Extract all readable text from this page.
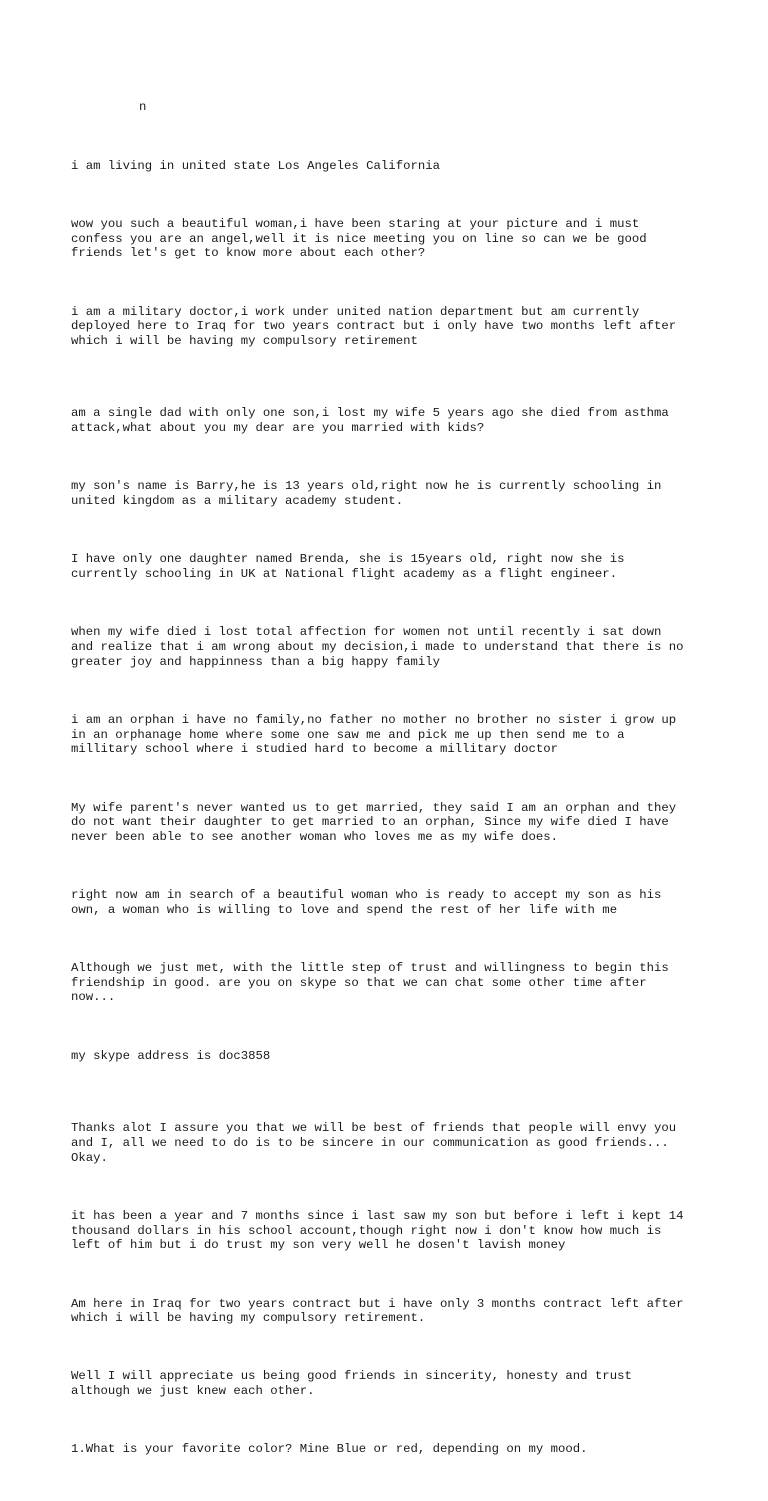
n

i am living in united state Los Angeles California

wow you such a beautiful woman,i have been staring at your picture and i must
confess you are an angel,well it is nice meeting you on line so can we be good
friends let's get to know more about each other?

i am a military doctor,i work under united nation department but am currently
deployed here to Iraq for two years contract but i only have two months left after
which i will be having my compulsory retirement

am a single dad with only one son,i lost my wife 5 years ago she died from asthma
attack,what about you my dear are you married with kids?

my son's name is Barry,he is 13 years old,right now he is currently schooling in
united kingdom as a military academy student.

I have only one daughter named Brenda, she is 15years old, right now she is
currently schooling in UK at National flight academy as a flight engineer.

when my wife died i lost total affection for women not until recently i sat down
and realize that i am wrong about my decision,i made to understand that there is no
greater joy and happinness than a big happy family

i am an orphan i have no family,no father no mother no brother no sister i grow up
in an orphanage home where some one saw me and pick me up then send me to a
millitary school where i studied hard to become a millitary doctor

My wife parent's never wanted us to get married, they said I am an orphan and they
do not want their daughter to get married to an orphan, Since my wife died I have
never been able to see another woman who loves me as my wife does.

right now am in search of a beautiful woman who is ready to accept my son as his
own, a woman who is willing to love and spend the rest of her life with me

Although we just met, with the little step of trust and willingness to begin this
friendship in good. are you on skype so that we can chat some other time after
now...

my skype address is doc3858

Thanks alot I assure you that we will be best of friends that people will envy you
and I, all we need to do is to be sincere in our communication as good friends...
Okay.

it has been a year and 7 months since i last saw my son but before i left i kept 14
thousand dollars in his school account,though right now i don't know how much is
left of him but i do trust my son very well he dosen't lavish money

Am here in Iraq for two years contract but i have only 3 months contract left after
which i will be having my compulsory retirement.

Well I will appreciate us being good friends in sincerity, honesty and trust
although we just knew each other.

1.What is your favorite color? Mine Blue or red, depending on my mood.
